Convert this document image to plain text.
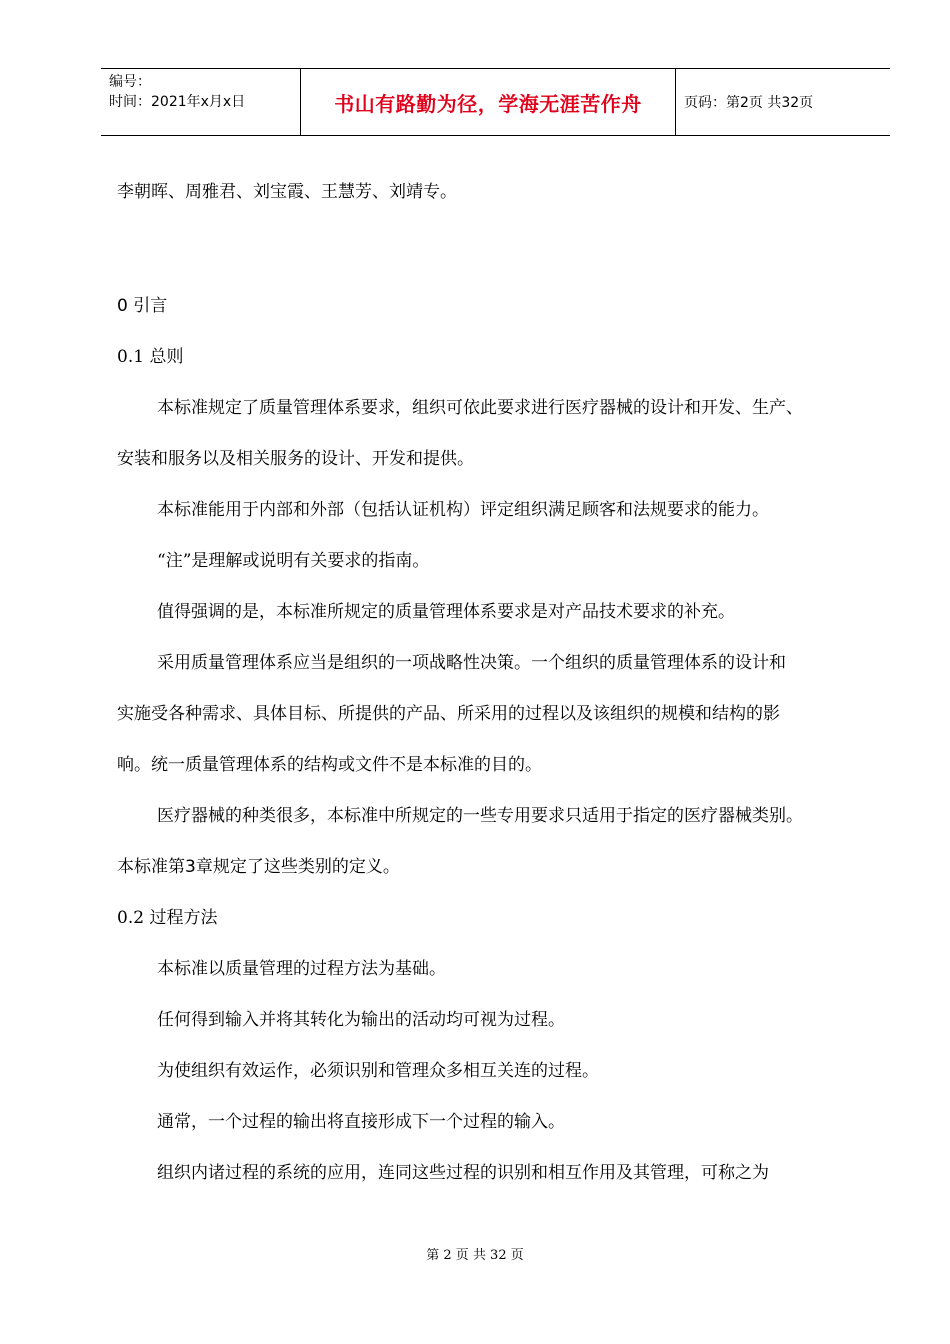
编号：
时间：2021年x月x日	书山有路勤为径，学海无涯苦作舟	页码：第2页 共32页

李朝晖、周雅君、刘宝霞、王慧芳、刘靖专。

0 引言

0.1 总则

本标准规定了质量管理体系要求，组织可依此要求进行医疗器械的设计和开发、生产、

安装和服务以及相关服务的设计、开发和提供。

本标准能用于内部和外部（包括认证机构）评定组织满足顾客和法规要求的能力。

“注”是理解或说明有关要求的指南。

值得强调的是，本标准所规定的质量管理体系要求是对产品技术要求的补充。

采用质量管理体系应当是组织的一项战略性决策。一个组织的质量管理体系的设计和

实施受各种需求、具体目标、所提供的产品、所采用的过程以及该组织的规模和结构的影

响。统一质量管理体系的结构或文件不是本标准的目的。

医疗器械的种类很多，本标准中所规定的一些专用要求只适用于指定的医疗器械类别。

本标准第3章规定了这些类别的定义。

0.2 过程方法

本标准以质量管理的过程方法为基础。

任何得到输入并将其转化为输出的活动均可视为过程。

为使组织有效运作，必须识别和管理众多相互关连的过程。

通常，一个过程的输出将直接形成下一个过程的输入。

组织内诸过程的系统的应用，连同这些过程的识别和相互作用及其管理，可称之为

第 2 页 共 32 页
